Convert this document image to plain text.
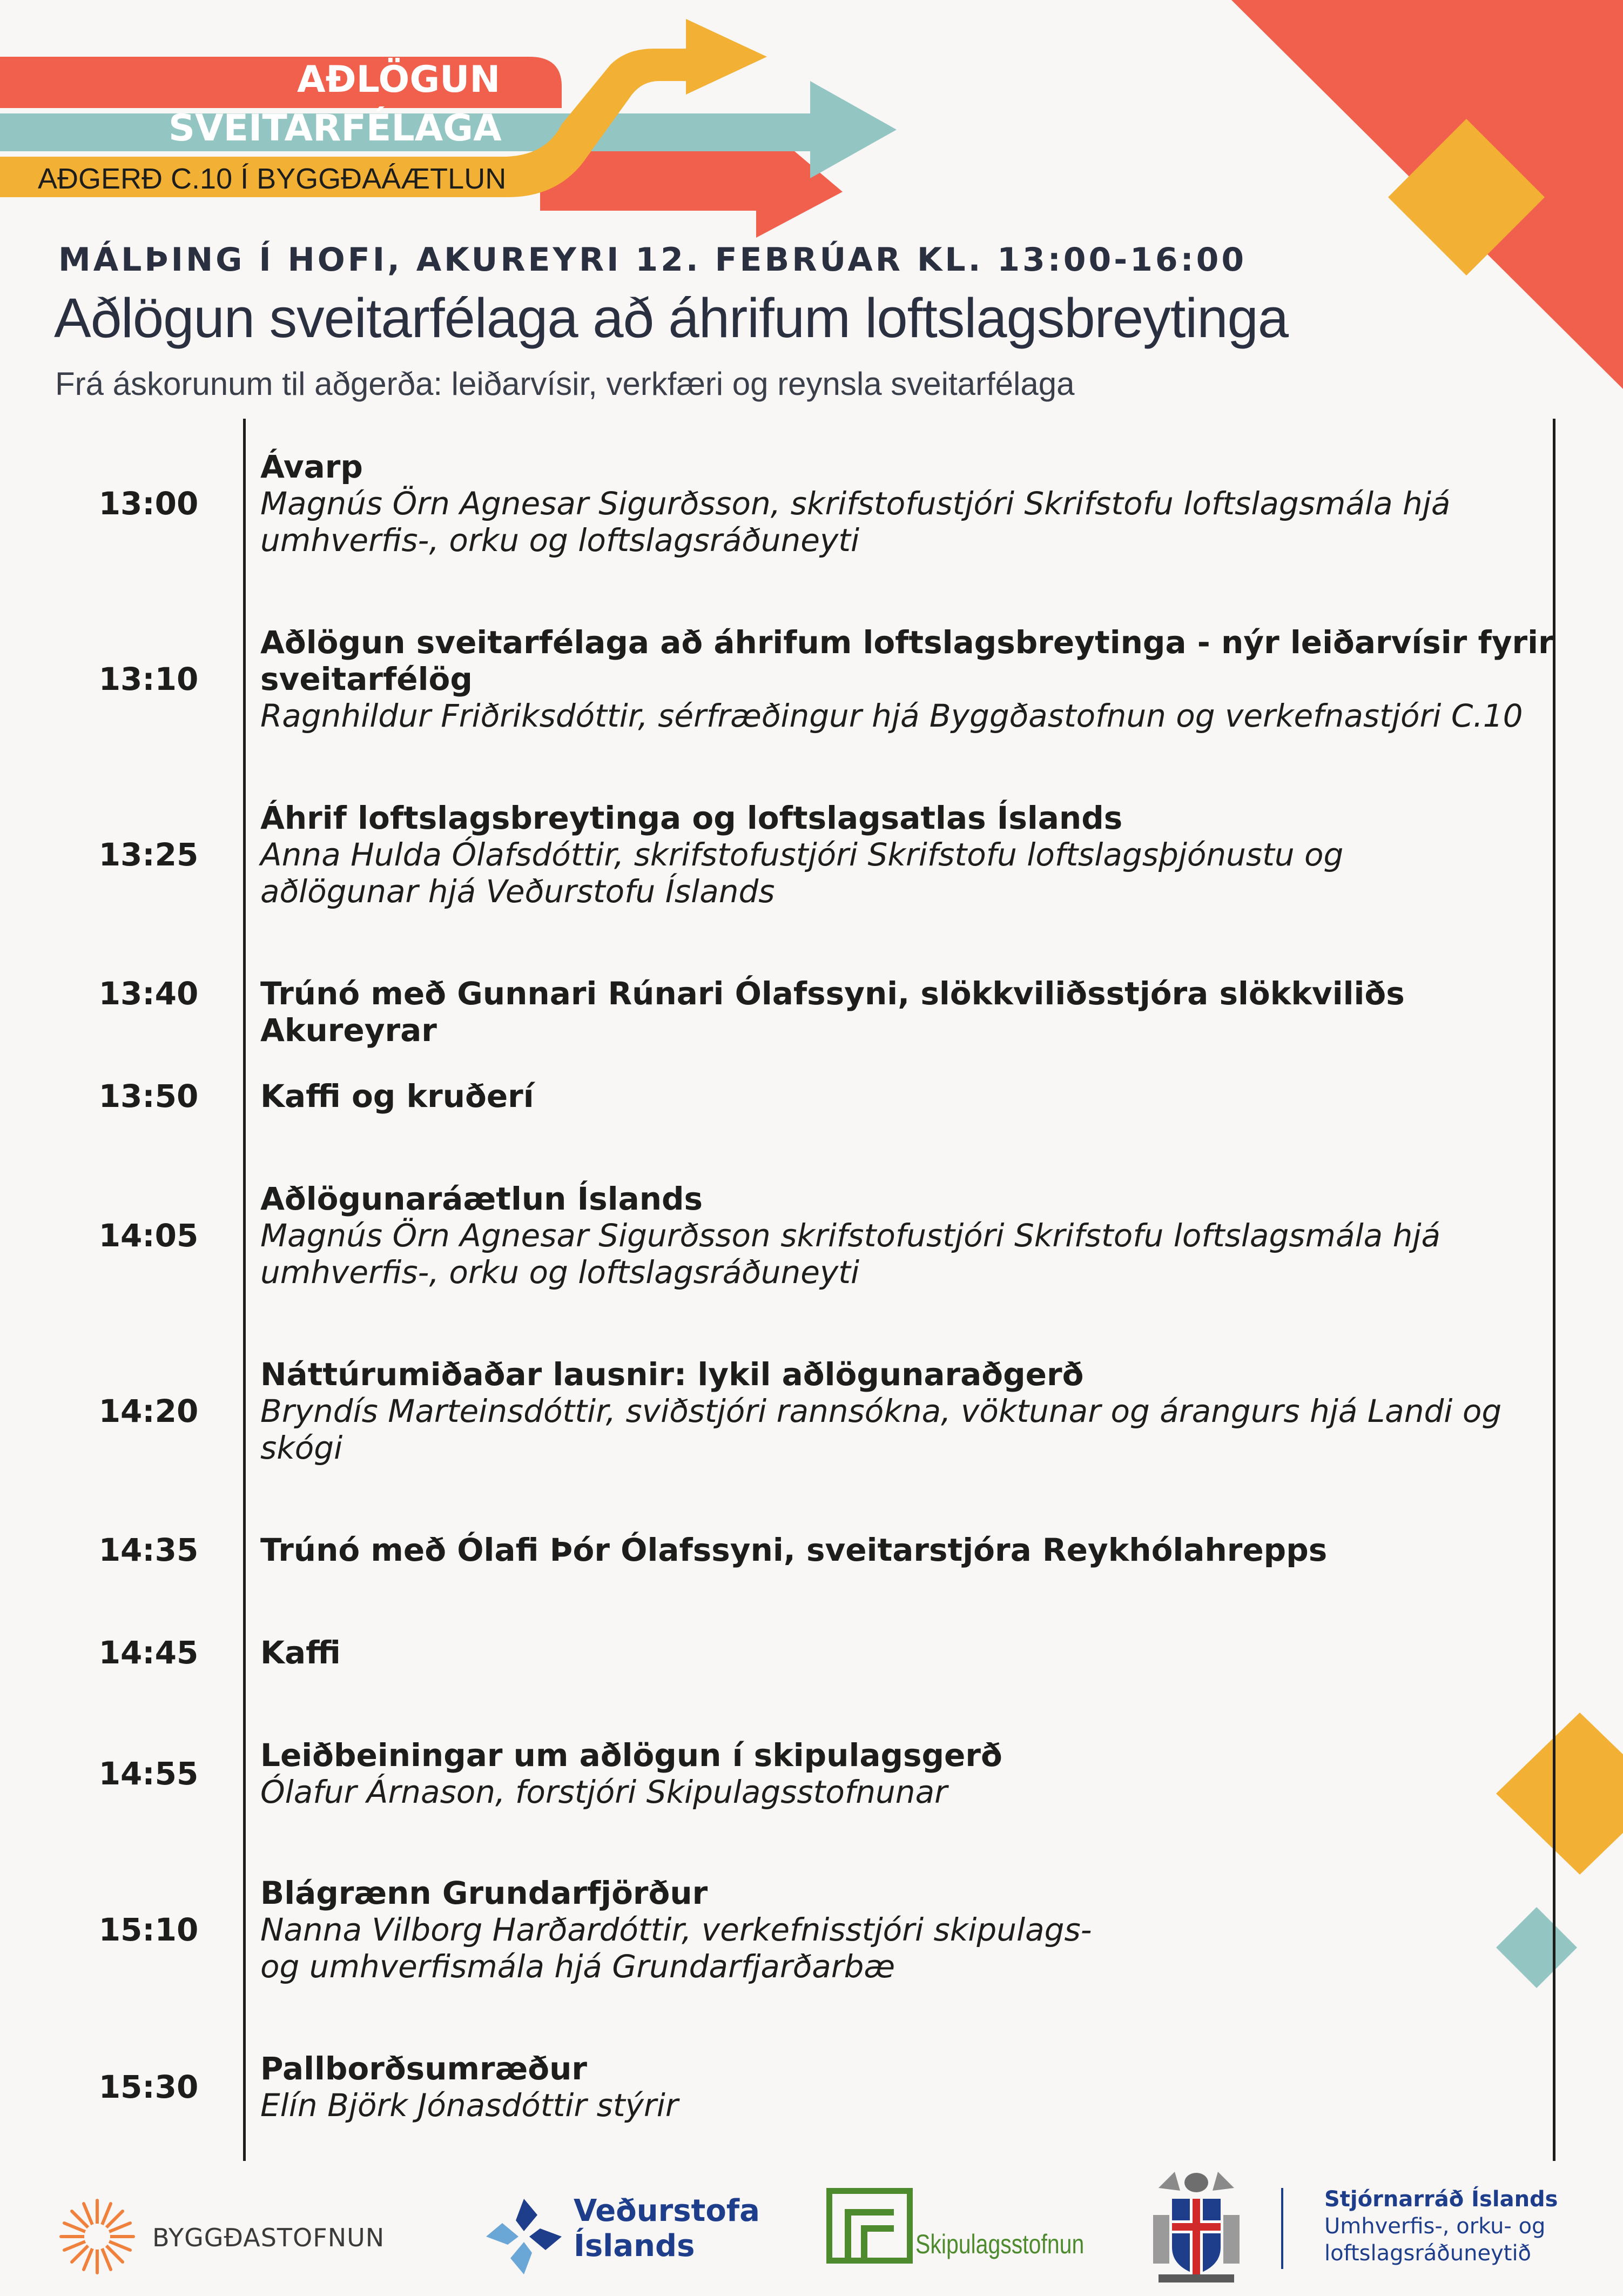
AÐLÖGUN
SVEITARFÉLAGA
AÐGERÐ C.10 Í BYGGÐAÁÆTLUN
MÁLÞING Í HOFI, AKUREYRI 12. FEBRÚAR KL. 13:00-16:00
Aðlögun sveitarfélaga að áhrifum loftslagsbreytinga
Frá áskorunum til aðgerða: leiðarvísir, verkfæri og reynsla sveitarfélaga
13:00
Ávarp
Magnús Örn Agnesar Sigurðsson, skrifstofustjóri Skrifstofu loftslagsmála hjá
umhverfis-, orku og loftslagsráðuneyti
13:10
Aðlögun sveitarfélaga að áhrifum loftslagsbreytinga - nýr leiðarvísir fyrir
sveitarfélög
Ragnhildur Friðriksdóttir, sérfræðingur hjá Byggðastofnun og verkefnastjóri C.10
13:25
Áhrif loftslagsbreytinga og loftslagsatlas Íslands
Anna Hulda Ólafsdóttir, skrifstofustjóri Skrifstofu loftslagsþjónustu og
aðlögunar hjá Veðurstofu Íslands
13:40 Trúnó með Gunnari Rúnari Ólafssyni, slökkviliðsstjóra slökkviliðs Akureyrar
13:50 Kaffi og kruðerí
14:05
Aðlögunaráætlun Íslands
Magnús Örn Agnesar Sigurðsson skrifstofustjóri Skrifstofu loftslagsmála hjá
umhverfis-, orku og loftslagsráðuneyti
14:20
Náttúrumiðaðar lausnir: lykil aðlögunaraðgerð
Bryndís Marteinsdóttir, sviðstjóri rannsókna, vöktunar og árangurs hjá Landi og
skógi
14:35 Trúnó með Ólafi Þór Ólafssyni, sveitarstjóra Reykhólahrepps
14:45 Kaffi
14:55 Leiðbeiningar um aðlögun í skipulagsgerð
Ólafur Árnason, forstjóri Skipulagsstofnunar
15:10
Blágrænn Grundarfjörður
Nanna Vilborg Harðardóttir, verkefnisstjóri skipulags-
og umhverfismála hjá Grundarfjarðarbæ
15:30 Pallborðsumræður
Elín Björk Jónasdóttir stýrir
BYGGÐASTOFNUN
Veðurstofa
Íslands	Skipulagsstofnun
Stjórnarráð Íslands
Umhverfis-, orku- og
loftslagsráðuneytið
